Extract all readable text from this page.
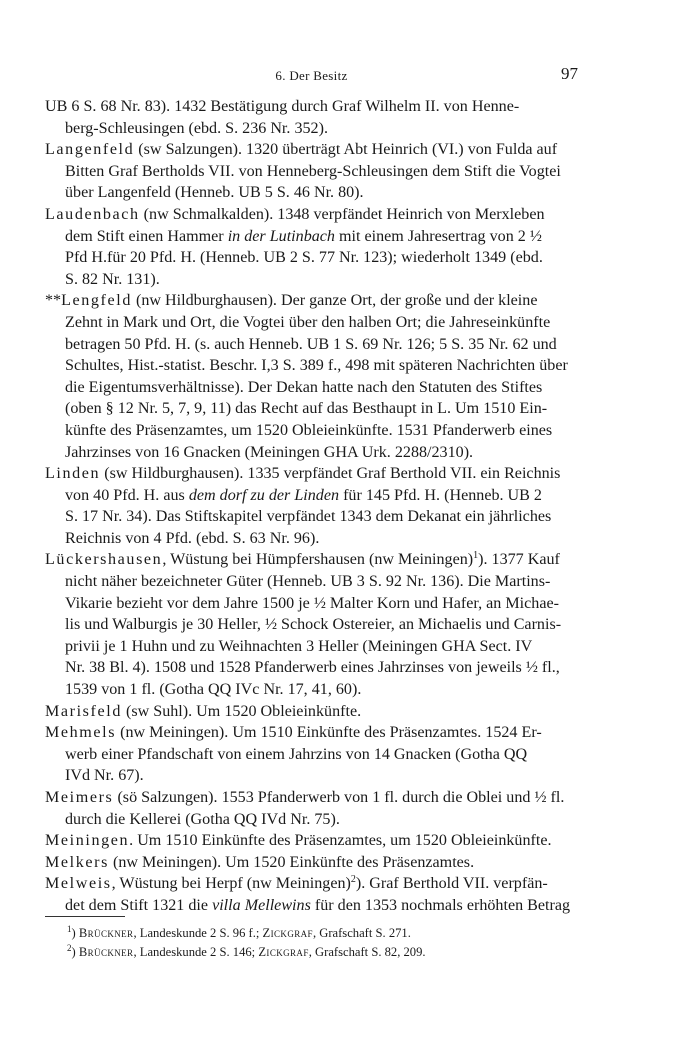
6. Der Besitz	97

UB 6 S. 68 Nr. 83). 1432 Bestätigung durch Graf Wilhelm II. von Henne-
berg-Schleusingen (ebd. S. 236 Nr. 352).

Langenfeld (sw Salzungen). 1320 überträgt Abt Heinrich (VI.) von Fulda auf
Bitten Graf Bertholds VII. von Henneberg-Schleusingen dem Stift die Vogtei
über Langenfeld (Henneb. UB 5 S. 46 Nr. 80).

Laudenbach (nw Schmalkalden). 1348 verpfändet Heinrich von Merxleben
dem Stift einen Hammer in der Lutinbach mit einem Jahresertrag von 2 ½
Pfd H.für 20 Pfd. H. (Henneb. UB 2 S. 77 Nr. 123); wiederholt 1349 (ebd.
S. 82 Nr. 131).

**Lengfeld (nw Hildburghausen). Der ganze Ort, der große und der kleine
Zehnt in Mark und Ort, die Vogtei über den halben Ort; die Jahreseinkünfte
betragen 50 Pfd. H. (s. auch Henneb. UB 1 S. 69 Nr. 126; 5 S. 35 Nr. 62 und
Schultes, Hist.-statist. Beschr. I,3 S. 389 f., 498 mit späteren Nachrichten über
die Eigentumsverhältnisse). Der Dekan hatte nach den Statuten des Stiftes
(oben § 12 Nr. 5, 7, 9, 11) das Recht auf das Besthaupt in L. Um 1510 Ein-
künfte des Präsenzamtes, um 1520 Obleieinkünfte. 1531 Pfanderwerb eines
Jahrzinses von 16 Gnacken (Meiningen GHA Urk. 2288/2310).

Linden (sw Hildburghausen). 1335 verpfändet Graf Berthold VII. ein Reichnis
von 40 Pfd. H. aus dem dorf zu der Linden für 145 Pfd. H. (Henneb. UB 2
S. 17 Nr. 34). Das Stiftskapitel verpfändet 1343 dem Dekanat ein jährliches
Reichnis von 4 Pfd. (ebd. S. 63 Nr. 96).

Lückershausen, Wüstung bei Hümpfershausen (nw Meiningen)$^1$). 1377 Kauf
nicht näher bezeichneter Güter (Henneb. UB 3 S. 92 Nr. 136). Die Martins-
Vikarie bezieht vor dem Jahre 1500 je ½ Malter Korn und Hafer, an Michae-
lis und Walburgis je 30 Heller, ½ Schock Ostereier, an Michaelis und Carnis-
privii je 1 Huhn und zu Weihnachten 3 Heller (Meiningen GHA Sect. IV
Nr. 38 Bl. 4). 1508 und 1528 Pfanderwerb eines Jahrzinses von jeweils ½ fl.,
1539 von 1 fl. (Gotha QQ IVc Nr. 17, 41, 60).

Marisfeld (sw Suhl). Um 1520 Obleieinkünfte.

Mehmels (nw Meiningen). Um 1510 Einkünfte des Präsenzamtes. 1524 Er-
werb einer Pfandschaft von einem Jahrzins von 14 Gnacken (Gotha QQ
IVd Nr. 67).

Meimers (sö Salzungen). 1553 Pfanderwerb von 1 fl. durch die Oblei und ½ fl.
durch die Kellerei (Gotha QQ IVd Nr. 75).

Meiningen. Um 1510 Einkünfte des Präsenzamtes, um 1520 Obleieinkünfte.

Melkers (nw Meiningen). Um 1520 Einkünfte des Präsenzamtes.

Melweis, Wüstung bei Herpf (nw Meiningen)$^2$). Graf Berthold VII. verpfän-
det dem Stift 1321 die villa Mellewins für den 1353 nochmals erhöhten Betrag

$^1$) Brückner, Landeskunde 2 S. 96 f.; Zickgraf, Grafschaft S. 271.
$^2$) Brückner, Landeskunde 2 S. 146; Zickgraf, Grafschaft S. 82, 209.
